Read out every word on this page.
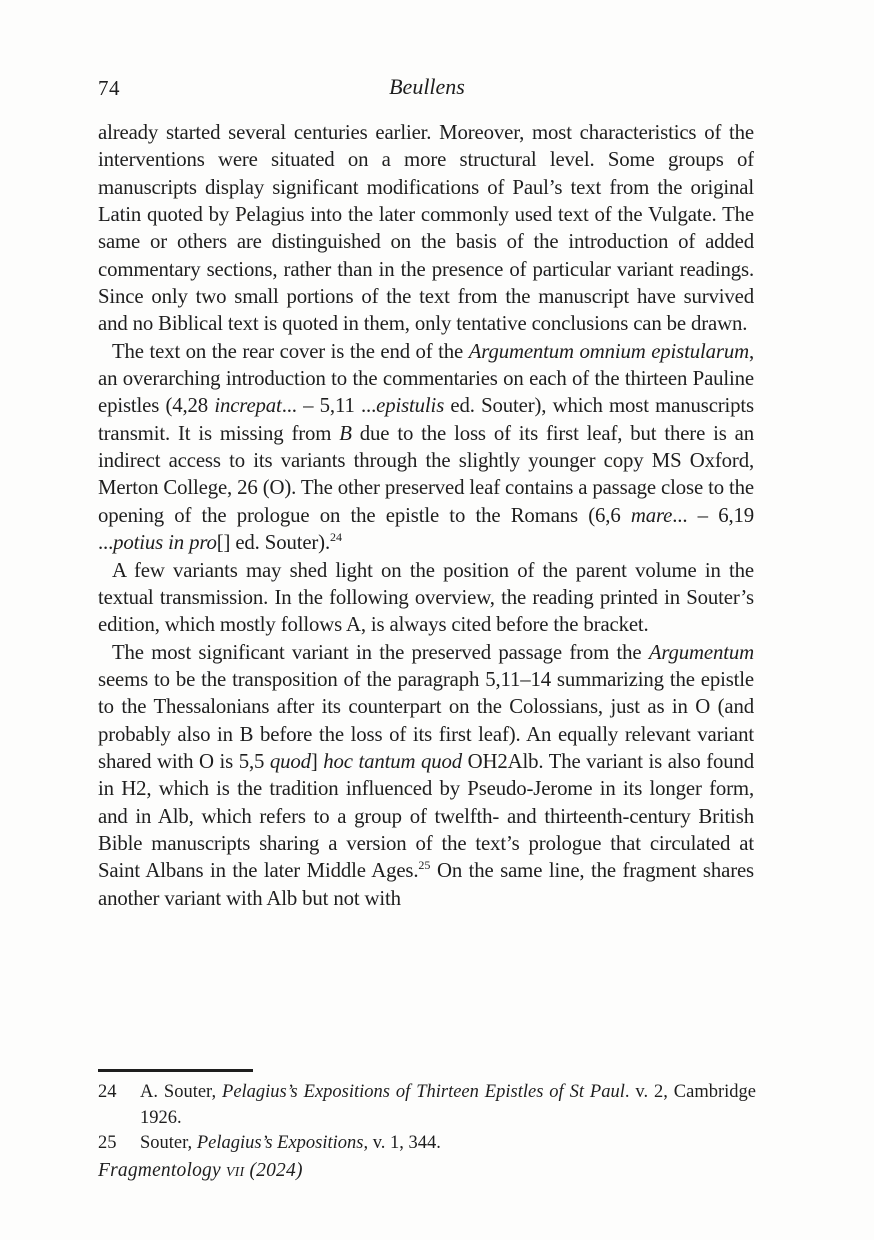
74	Beullens

already started several centuries earlier. Moreover, most characteristics of the interventions were situated on a more structural level. Some groups of manuscripts display significant modifications of Paul’s text from the original Latin quoted by Pelagius into the later commonly used text of the Vulgate. The same or others are distinguished on the basis of the introduction of added commentary sections, rather than in the presence of particular variant readings. Since only two small portions of the text from the manuscript have survived and no Biblical text is quoted in them, only tentative conclusions can be drawn.

The text on the rear cover is the end of the Argumentum omnium epistularum, an overarching introduction to the commentaries on each of the thirteen Pauline epistles (4,28 increpat... – 5,11 ...epistulis ed. Souter), which most manuscripts transmit. It is missing from B due to the loss of its first leaf, but there is an indirect access to its variants through the slightly younger copy MS Oxford, Merton College, 26 (O). The other preserved leaf contains a passage close to the opening of the prologue on the epistle to the Romans (6,6 mare... – 6,19 ...potius in pro[] ed. Souter).$^{24}$

A few variants may shed light on the position of the parent volume in the textual transmission. In the following overview, the reading printed in Souter’s edition, which mostly follows A, is always cited before the bracket.

The most significant variant in the preserved passage from the Argumentum seems to be the transposition of the paragraph 5,11–14 summarizing the epistle to the Thessalonians after its counterpart on the Colossians, just as in O (and probably also in B before the loss of its first leaf). An equally relevant variant shared with O is 5,5 quod] hoc tantum quod OH2Alb. The variant is also found in H2, which is the tradition influenced by Pseudo-Jerome in its longer form, and in Alb, which refers to a group of twelfth- and thirteenth-century British Bible manuscripts sharing a version of the text’s prologue that circulated at Saint Albans in the later Middle Ages.$^{25}$ On the same line, the fragment shares another variant with Alb but not with

24 A. Souter, Pelagius’s Expositions of Thirteen Epistles of St Paul. v. 2, Cambridge 1926.
25 Souter, Pelagius’s Expositions, v. 1, 344.
Fragmentology vii (2024)
